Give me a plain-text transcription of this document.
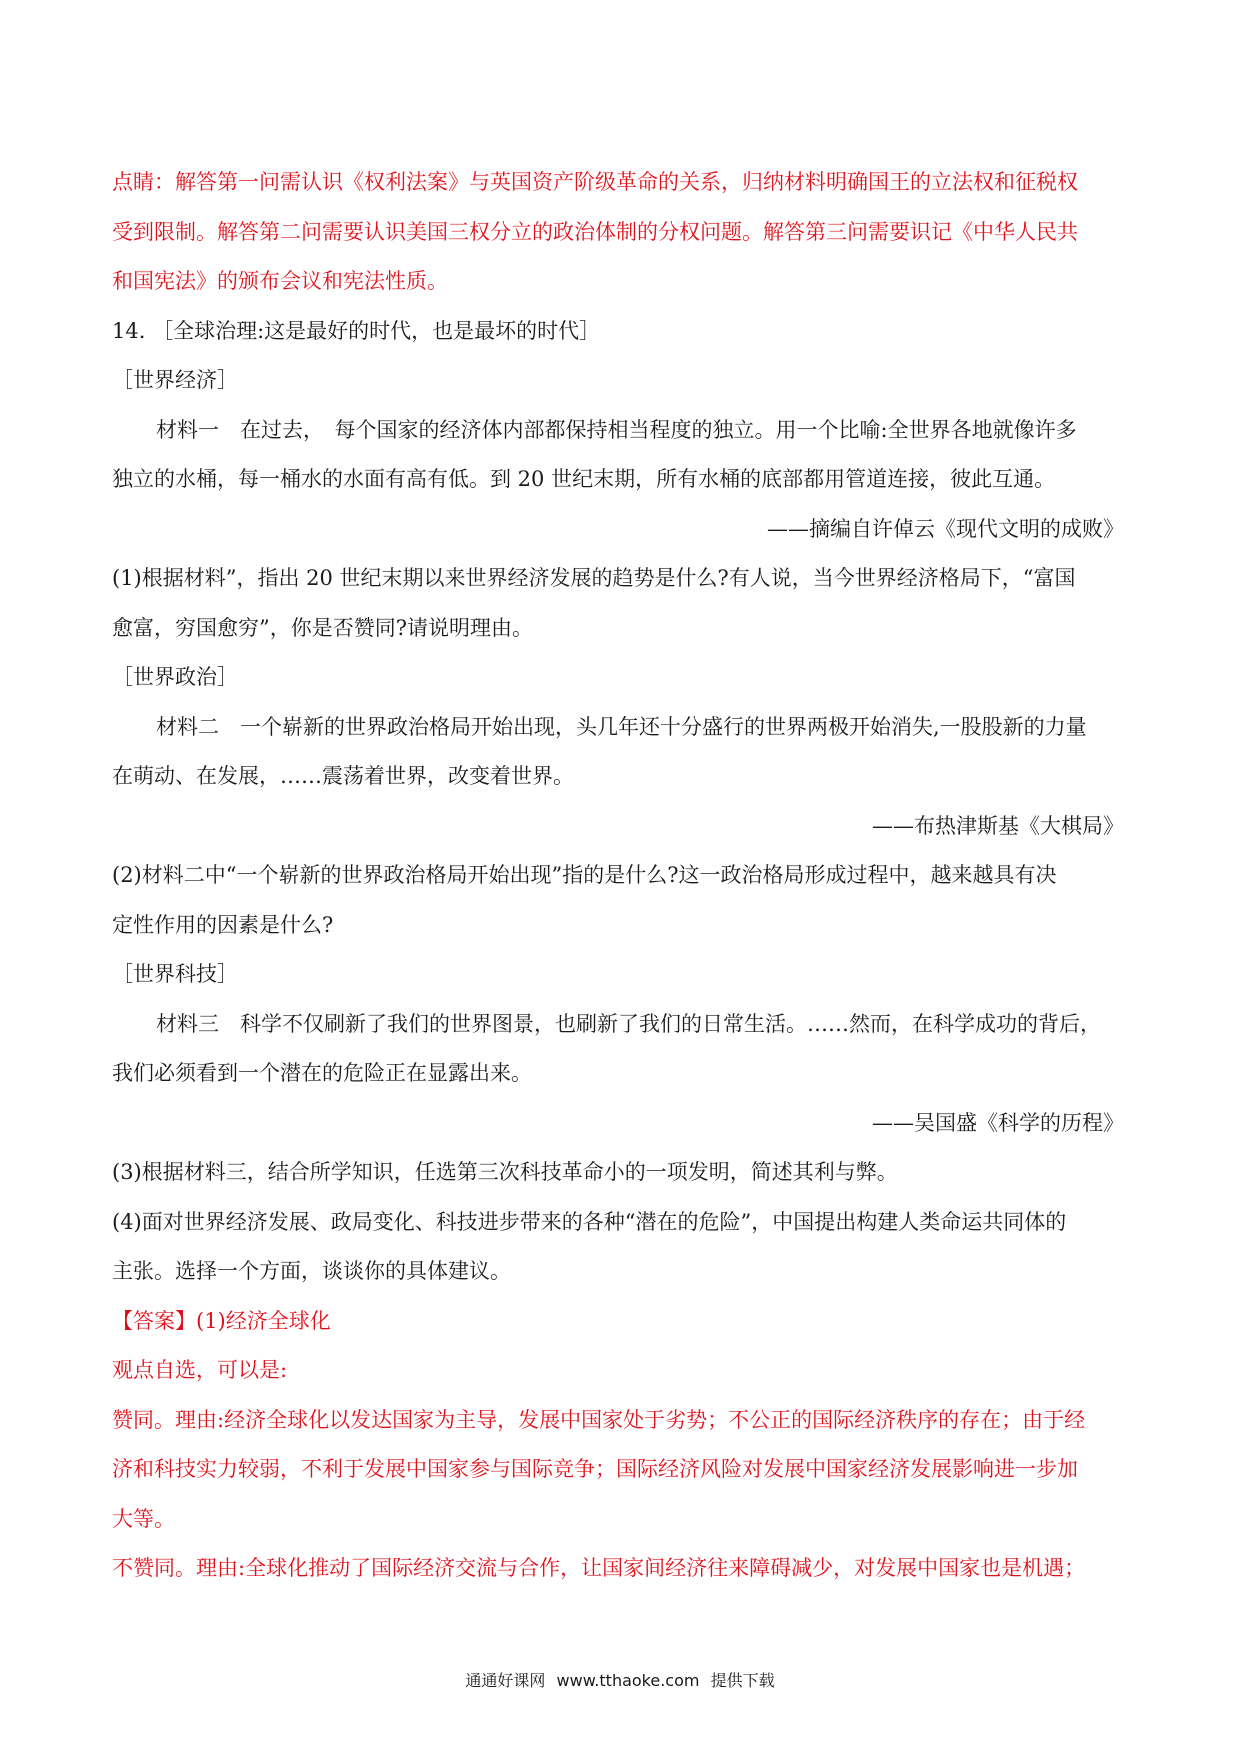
点睛：解答第一问需认识《权利法案》与英国资产阶级革命的关系，归纳材料明确国王的立法权和征税权

受到限制。解答第二问需要认识美国三权分立的政治体制的分权问题。解答第三问需要识记《中华人民共

和国宪法》的颁布会议和宪法性质。

14. ［全球治理:这是最好的时代，也是最坏的时代］

［世界经济］

材料一　在过去，　每个国家的经济体内部都保持相当程度的独立。用一个比喻:全世界各地就像许多

独立的水桶，每一桶水的水面有高有低。到 20 世纪末期，所有水桶的底部都用管道连接，彼此互通。

——摘编自许倬云《现代文明的成败》

(1)根据材料”，指出 20 世纪末期以来世界经济发展的趋势是什么?有人说，当今世界经济格局下，“富国

愈富，穷国愈穷”，你是否赞同?请说明理由。

［世界政治］

材料二　一个崭新的世界政治格局开始出现，头几年还十分盛行的世界两极开始消失,一股股新的力量

在萌动、在发展，……震荡着世界，改变着世界。

——布热津斯基《大棋局》

(2)材料二中“一个崭新的世界政治格局开始出现”指的是什么?这一政治格局形成过程中，越来越具有决

定性作用的因素是什么?

［世界科技］

材料三　科学不仅刷新了我们的世界图景，也刷新了我们的日常生活。……然而，在科学成功的背后，

我们必须看到一个潜在的危险正在显露出来。

——吴国盛《科学的历程》

(3)根据材料三，结合所学知识，任选第三次科技革命小的一项发明，简述其利与弊。

(4)面对世界经济发展、政局变化、科技进步带来的各种“潜在的危险”，中国提出构建人类命运共同体的

主张。选择一个方面，谈谈你的具体建议。

【答案】(1)经济全球化

观点自选，可以是:

赞同。理由:经济全球化以发达国家为主导，发展中国家处于劣势；不公正的国际经济秩序的存在；由于经

济和科技实力较弱，不利于发展中国家参与国际竞争；国际经济风险对发展中国家经济发展影响进一步加

大等。

不赞同。理由:全球化推动了国际经济交流与合作，让国家间经济往来障碍减少，对发展中国家也是机遇；

通通好课网 www.tthaoke.com 提供下载
